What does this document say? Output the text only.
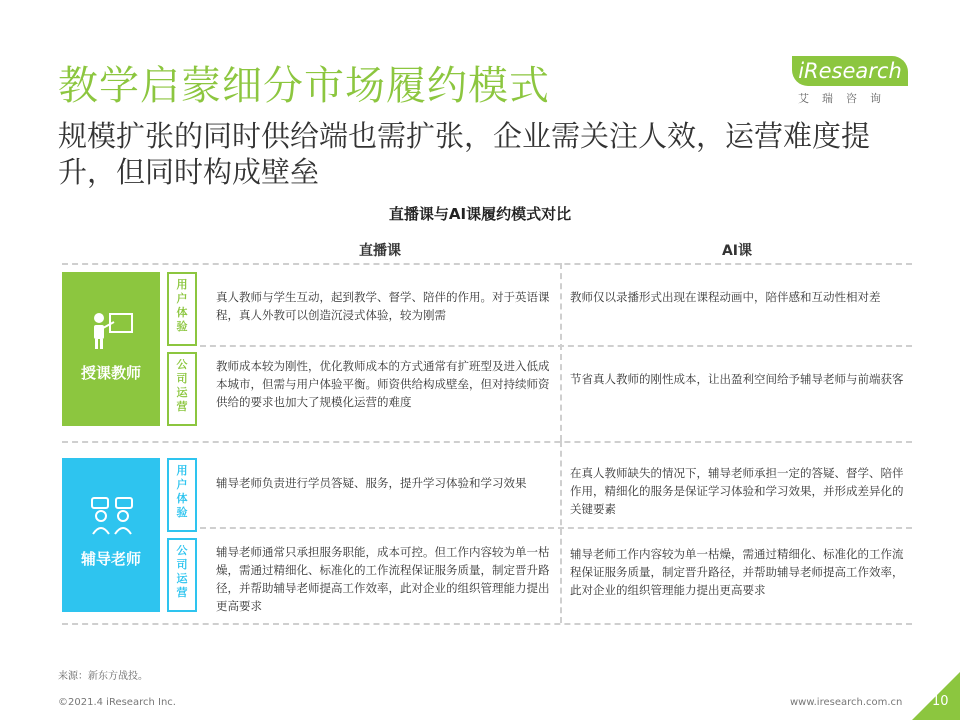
教学启蒙细分市场履约模式
规模扩张的同时供给端也需扩张，企业需关注人效，运营难度提升，但同时构成壁垒
iResearch
艾瑞咨询
直播课与AI课履约模式对比
直播课	AI课
授课教师
用户体验
公司运营
真人教师与学生互动，起到教学、督学、陪伴的作用。对于英语课程，真人外教可以创造沉浸式体验，较为刚需
教师仅以录播形式出现在课程动画中，陪伴感和互动性相对差
教师成本较为刚性，优化教师成本的方式通常有扩班型及进入低成本城市，但需与用户体验平衡。师资供给构成壁垒，但对持续师资供给的要求也加大了规模化运营的难度
节省真人教师的刚性成本，让出盈利空间给予辅导老师与前端获客
辅导老师
用户体验
公司运营
辅导老师负责进行学员答疑、服务，提升学习体验和学习效果
在真人教师缺失的情况下，辅导老师承担一定的答疑、督学、陪伴作用，精细化的服务是保证学习体验和学习效果，并形成差异化的关键要素
辅导老师通常只承担服务职能，成本可控。但工作内容较为单一枯燥，需通过精细化、标准化的工作流程保证服务质量，制定晋升路径，并帮助辅导老师提高工作效率，此对企业的组织管理能力提出更高要求
辅导老师工作内容较为单一枯燥，需通过精细化、标准化的工作流程保证服务质量，制定晋升路径，并帮助辅导老师提高工作效率，此对企业的组织管理能力提出更高要求
来源：新东方战投。
©2021.4 iResearch Inc.	www.iresearch.com.cn 10
